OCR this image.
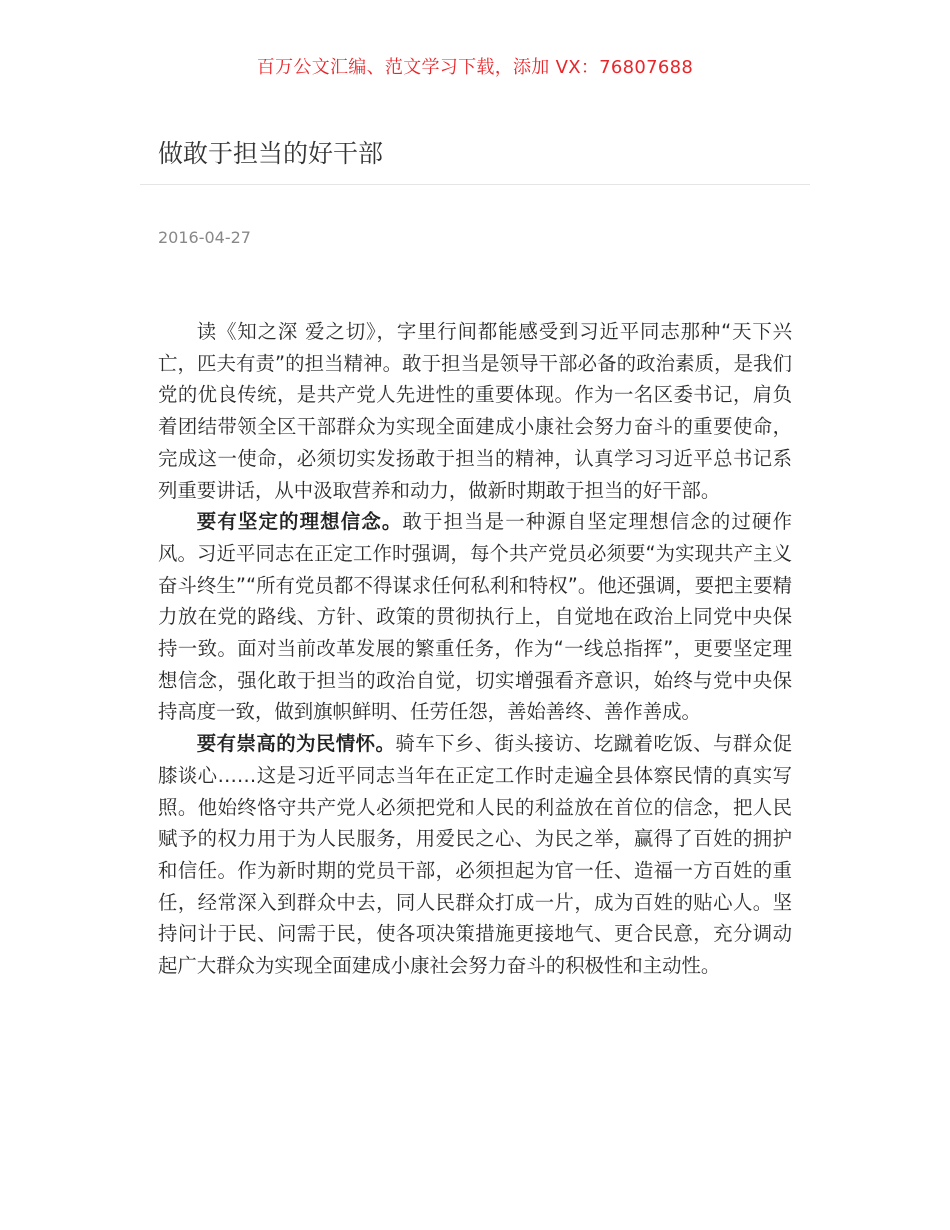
百万公文汇编、范文学习下载，添加 VX：76807688
做敢于担当的好干部
2016-04-27

读《知之深 爱之切》，字里行间都能感受到习近平同志那种“天下兴亡，匹夫有责”的担当精神。敢于担当是领导干部必备的政治素质，是我们党的优良传统，是共产党人先进性的重要体现。作为一名区委书记，肩负着团结带领全区干部群众为实现全面建成小康社会努力奋斗的重要使命，完成这一使命，必须切实发扬敢于担当的精神，认真学习习近平总书记系列重要讲话，从中汲取营养和动力，做新时期敢于担当的好干部。

要有坚定的理想信念。敢于担当是一种源自坚定理想信念的过硬作风。习近平同志在正定工作时强调，每个共产党员必须要“为实现共产主义奋斗终生”“所有党员都不得谋求任何私利和特权”。他还强调，要把主要精力放在党的路线、方针、政策的贯彻执行上，自觉地在政治上同党中央保持一致。面对当前改革发展的繁重任务，作为“一线总指挥”，更要坚定理想信念，强化敢于担当的政治自觉，切实增强看齐意识，始终与党中央保持高度一致，做到旗帜鲜明、任劳任怨，善始善终、善作善成。

要有崇高的为民情怀。骑车下乡、街头接访、圪蹴着吃饭、与群众促膝谈心……这是习近平同志当年在正定工作时走遍全县体察民情的真实写照。他始终恪守共产党人必须把党和人民的利益放在首位的信念，把人民赋予的权力用于为人民服务，用爱民之心、为民之举，赢得了百姓的拥护和信任。作为新时期的党员干部，必须担起为官一任、造福一方百姓的重任，经常深入到群众中去，同人民群众打成一片，成为百姓的贴心人。坚持问计于民、问需于民，使各项决策措施更接地气、更合民意，充分调动起广大群众为实现全面建成小康社会努力奋斗的积极性和主动性。
